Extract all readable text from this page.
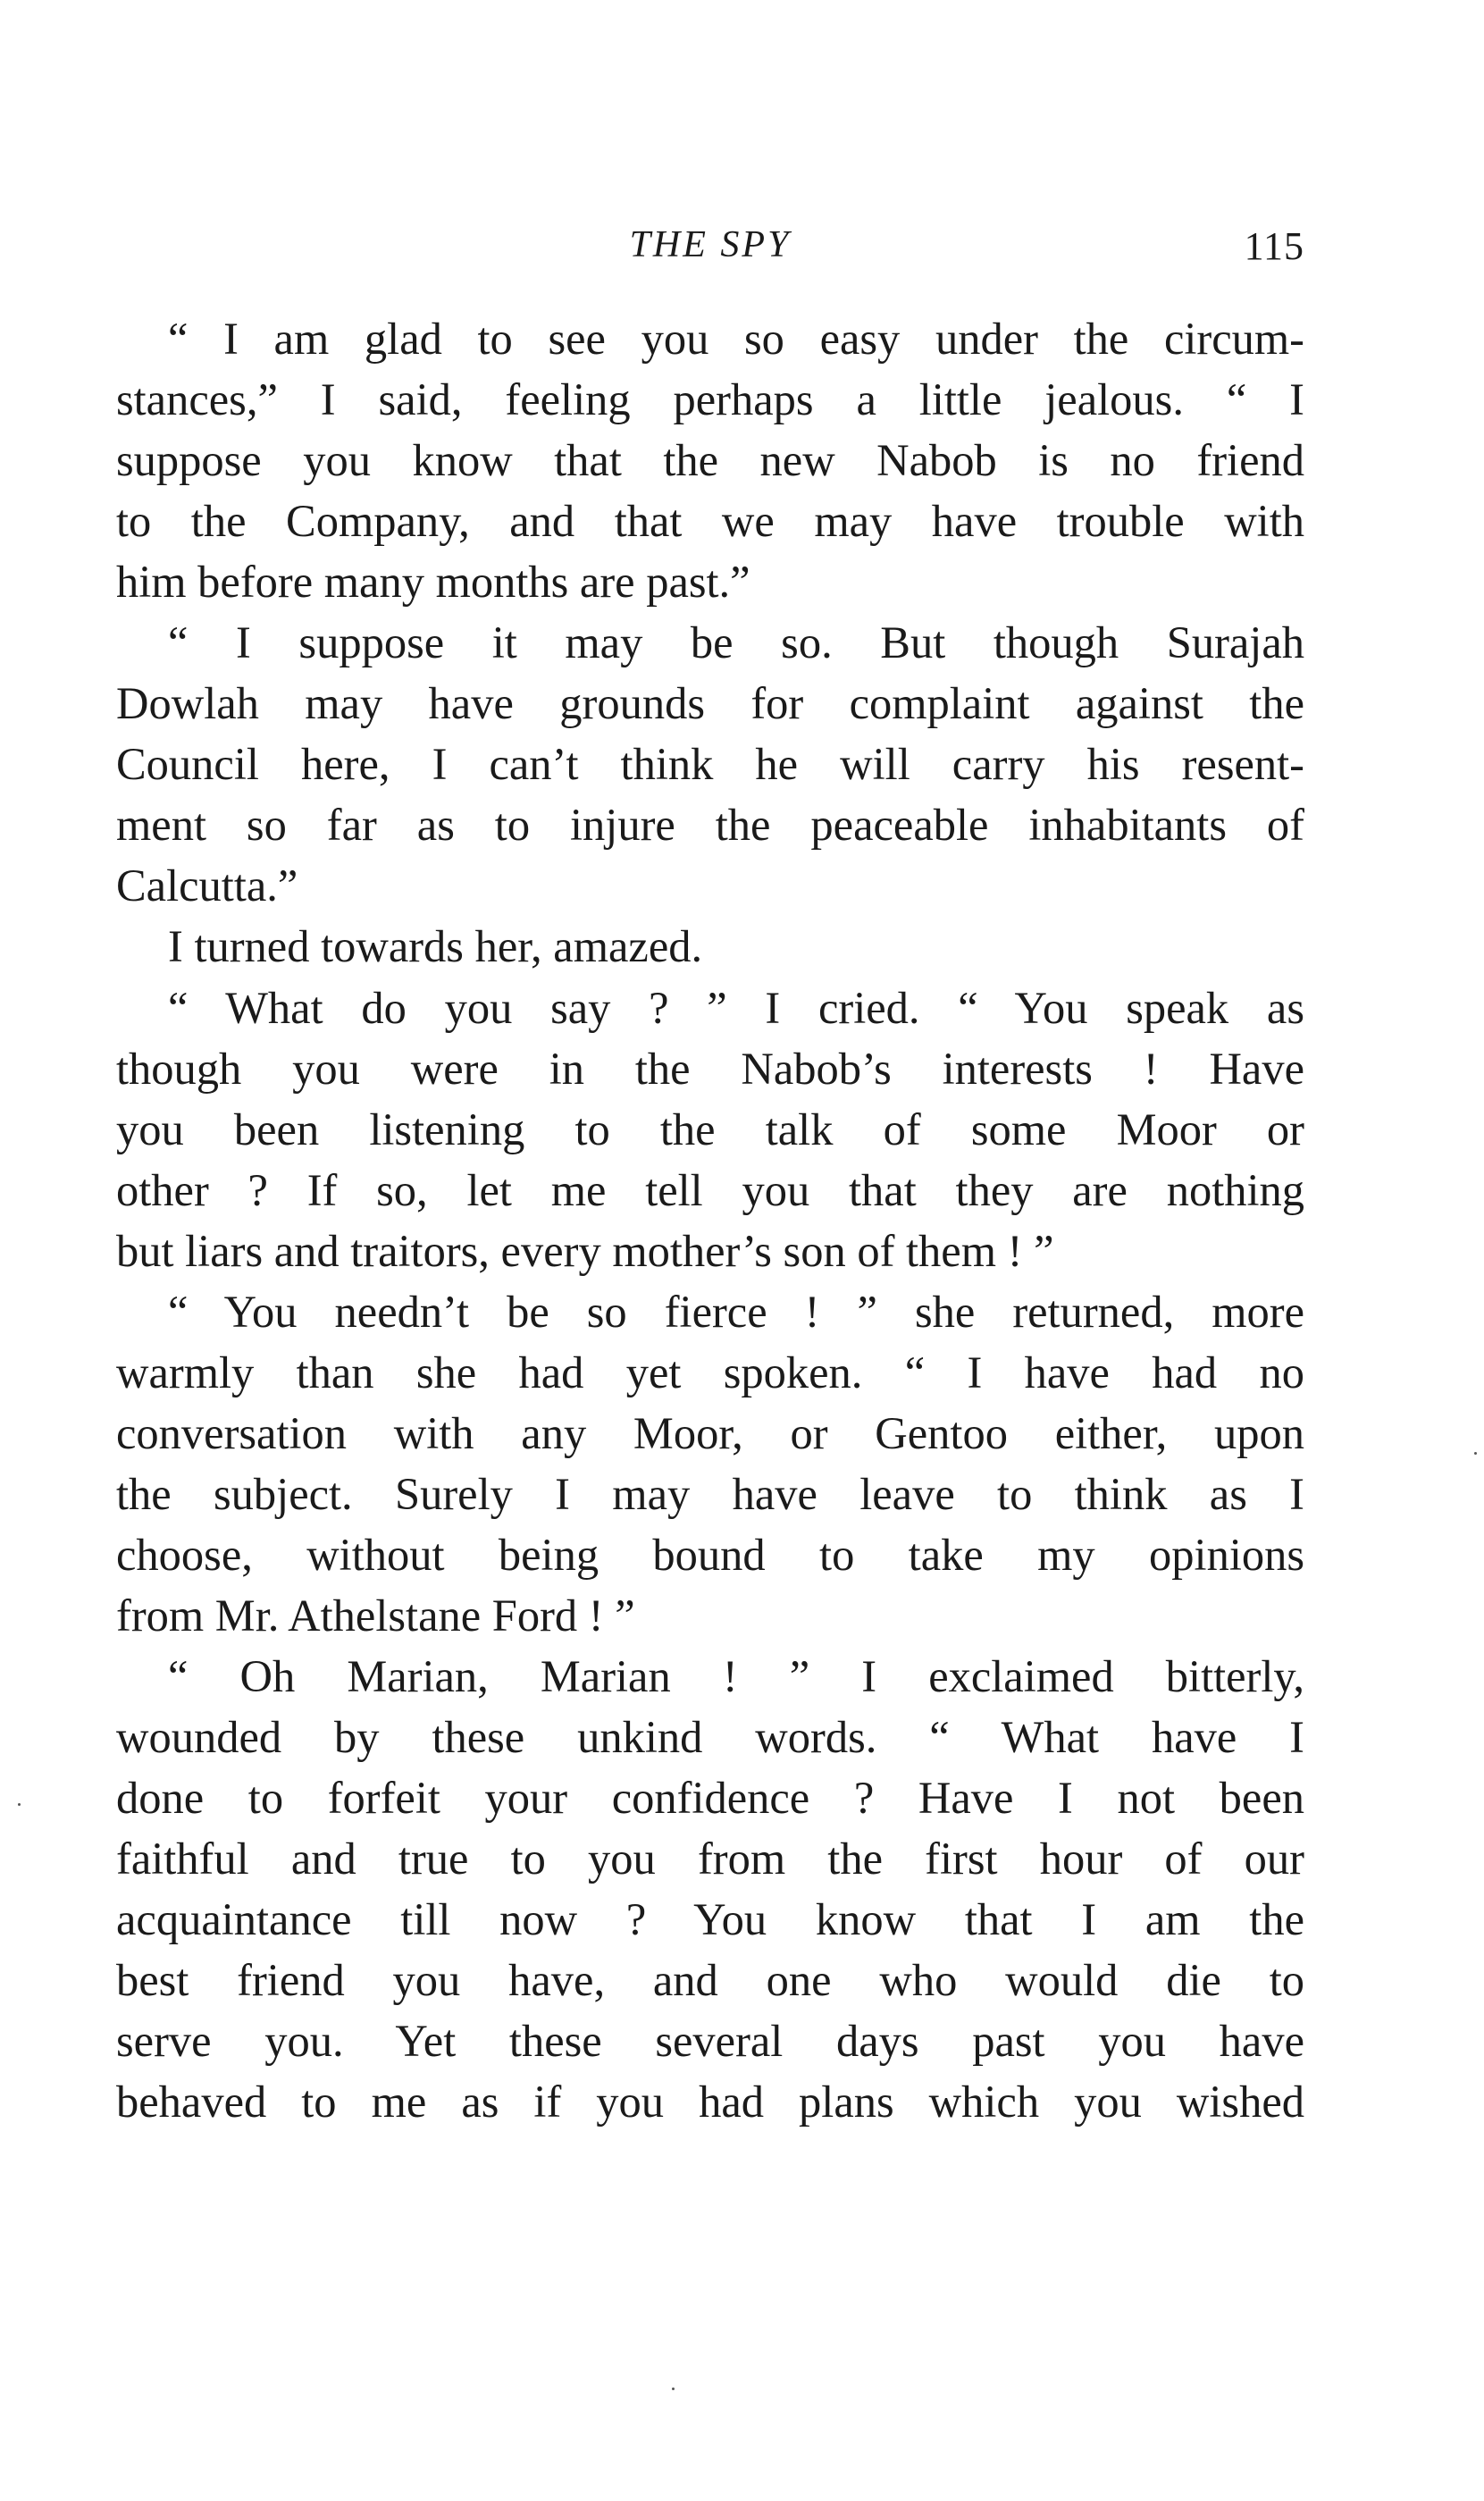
THE SPY	115
“ I am glad to see you so easy under the circum-
stances,” I said, feeling perhaps a little jealous. “ I
suppose you know that the new Nabob is no friend
to the Company, and that we may have trouble with
him before many months are past.”
“ I suppose it may be so. But though Surajah
Dowlah may have grounds for complaint against the
Council here, I can’t think he will carry his resent-
ment so far as to injure the peaceable inhabitants of
Calcutta.”
I turned towards her, amazed.
“ What do you say ? ” I cried. “ You speak as
though you were in the Nabob’s interests ! Have
you been listening to the talk of some Moor or
other ? If so, let me tell you that they are nothing
but liars and traitors, every mother’s son of them ! ”
“ You needn’t be so fierce ! ” she returned, more
warmly than she had yet spoken. “ I have had no
conversation with any Moor, or Gentoo either, upon
the subject. Surely I may have leave to think as I
choose, without being bound to take my opinions
from Mr. Athelstane Ford ! ”
“ Oh Marian, Marian ! ” I exclaimed bitterly,
wounded by these unkind words. “ What have I
done to forfeit your confidence ? Have I not been
faithful and true to you from the first hour of our
acquaintance till now ? You know that I am the
best friend you have, and one who would die to
serve you. Yet these several days past you have
behaved to me as if you had plans which you wished
